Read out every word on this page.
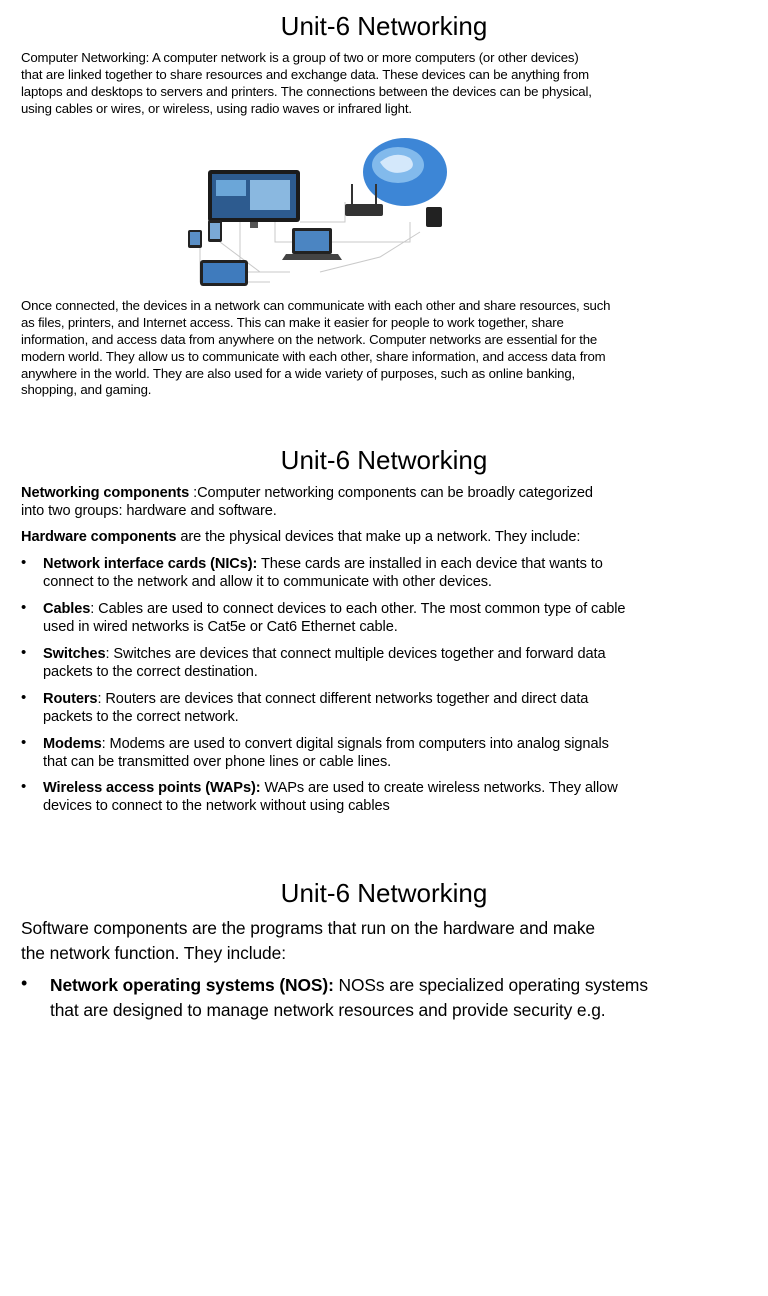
Unit-6 Networking
Computer Networking: A computer network is a group of two or more computers (or other devices)
that are linked together to share resources and exchange data. These devices can be anything from
laptops and desktops to servers and printers. The connections between the devices can be physical,
using cables or wires, or wireless, using radio waves or infrared light.
Once connected, the devices in a network can communicate with each other and share resources, such
as files, printers, and Internet access. This can make it easier for people to work together, share
information, and access data from anywhere on the network. Computer networks are essential for the
modern world. They allow us to communicate with each other, share information, and access data from
anywhere in the world. They are also used for a wide variety of purposes, such as online banking,
shopping, and gaming.
Unit-6 Networking
Networking components :Computer networking components can be broadly categorized
into two groups: hardware and software.
Hardware components are the physical devices that make up a network. They include:
• Network interface cards (NICs): These cards are installed in each device that wants to
connect to the network and allow it to communicate with other devices.
• Cables: Cables are used to connect devices to each other. The most common type of cable
used in wired networks is Cat5e or Cat6 Ethernet cable.
• Switches: Switches are devices that connect multiple devices together and forward data
packets to the correct destination.
• Routers: Routers are devices that connect different networks together and direct data
packets to the correct network.
• Modems: Modems are used to convert digital signals from computers into analog signals
that can be transmitted over phone lines or cable lines.
• Wireless access points (WAPs): WAPs are used to create wireless networks. They allow
devices to connect to the network without using cables
Unit-6 Networking
Software components are the programs that run on the hardware and make
the network function. They include:
• Network operating systems (NOS): NOSs are specialized operating systems
that are designed to manage network resources and provide security e.g.
